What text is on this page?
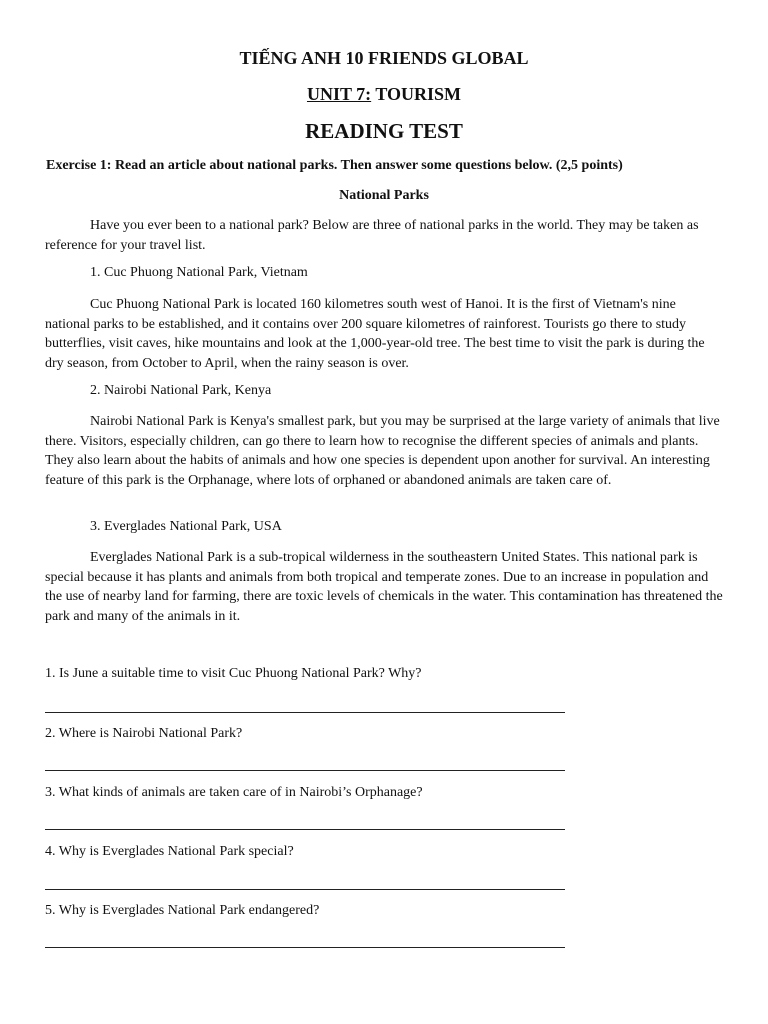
TIẾNG ANH 10 FRIENDS GLOBAL

UNIT 7: TOURISM

READING TEST

Exercise 1: Read an article about national parks. Then answer some questions below. (2,5 points)

National Parks

Have you ever been to a national park? Below are three of national parks in the world. They may be taken as reference for your travel list.

1. Cuc Phuong National Park, Vietnam

Cuc Phuong National Park is located 160 kilometres south west of Hanoi. It is the first of Vietnam's nine national parks to be established, and it contains over 200 square kilometres of rainforest. Tourists go there to study butterflies, visit caves, hike mountains and look at the 1,000-year-old tree. The best time to visit the park is during the dry season, from October to April, when the rainy season is over.

2. Nairobi National Park, Kenya

Nairobi National Park is Kenya's smallest park, but you may be surprised at the large variety of animals that live there. Visitors, especially children, can go there to learn how to recognise the different species of animals and plants. They also learn about the habits of animals and how one species is dependent upon another for survival. An interesting feature of this park is the Orphanage, where lots of orphaned or abandoned animals are taken care of.

3. Everglades National Park, USA

Everglades National Park is a sub-tropical wilderness in the southeastern United States. This national park is special because it has plants and animals from both tropical and temperate zones. Due to an increase in population and the use of nearby land for farming, there are toxic levels of chemicals in the water. This contamination has threatened the park and many of the animals in it.

1. Is June a suitable time to visit Cuc Phuong National Park? Why?

2. Where is Nairobi National Park?

3. What kinds of animals are taken care of in Nairobi’s Orphanage?

4. Why is Everglades National Park special?

5. Why is Everglades National Park endangered?
